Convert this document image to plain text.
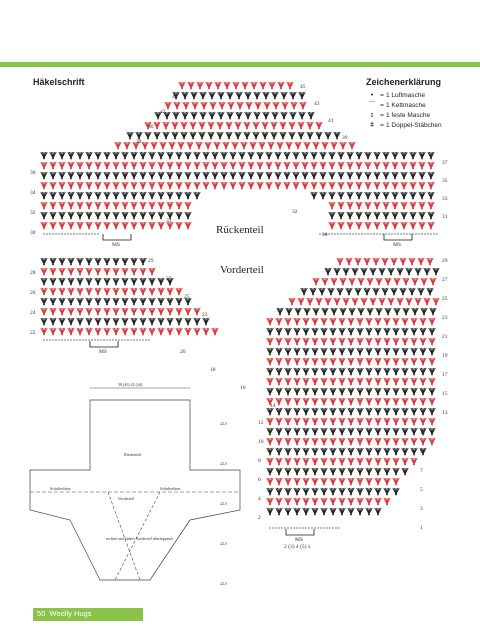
Häkelschrift	Zeichenerklärung
•	= 1 Luftmasche
⌒ = 1 Kettmasche
ɪ	= 1 feste Masche
ǂ = 1 Doppel-Stäbchen
36
34
32
30
28
26
24
22
44
42
40
38
45
43
41
39
37
35
33
31
31
32
30
29
27
25
23
20
18
16
14
29
27
25
23
21
19
17
15
13
12
10
8
6
4
2
11
9
7
5
3
1
Rückenteil
Vorderteil
MS	MS
MS
MS
2 (3) 4 (5) x
38 (40) 42 (44)
Rückenteil
Vorderteil
Schulterlinie	Schulterlinie
rechtes und linkes Vorderteil überlappend
22,5
22,5
22,5
22,5
22,5
50 Woolly Hugs
